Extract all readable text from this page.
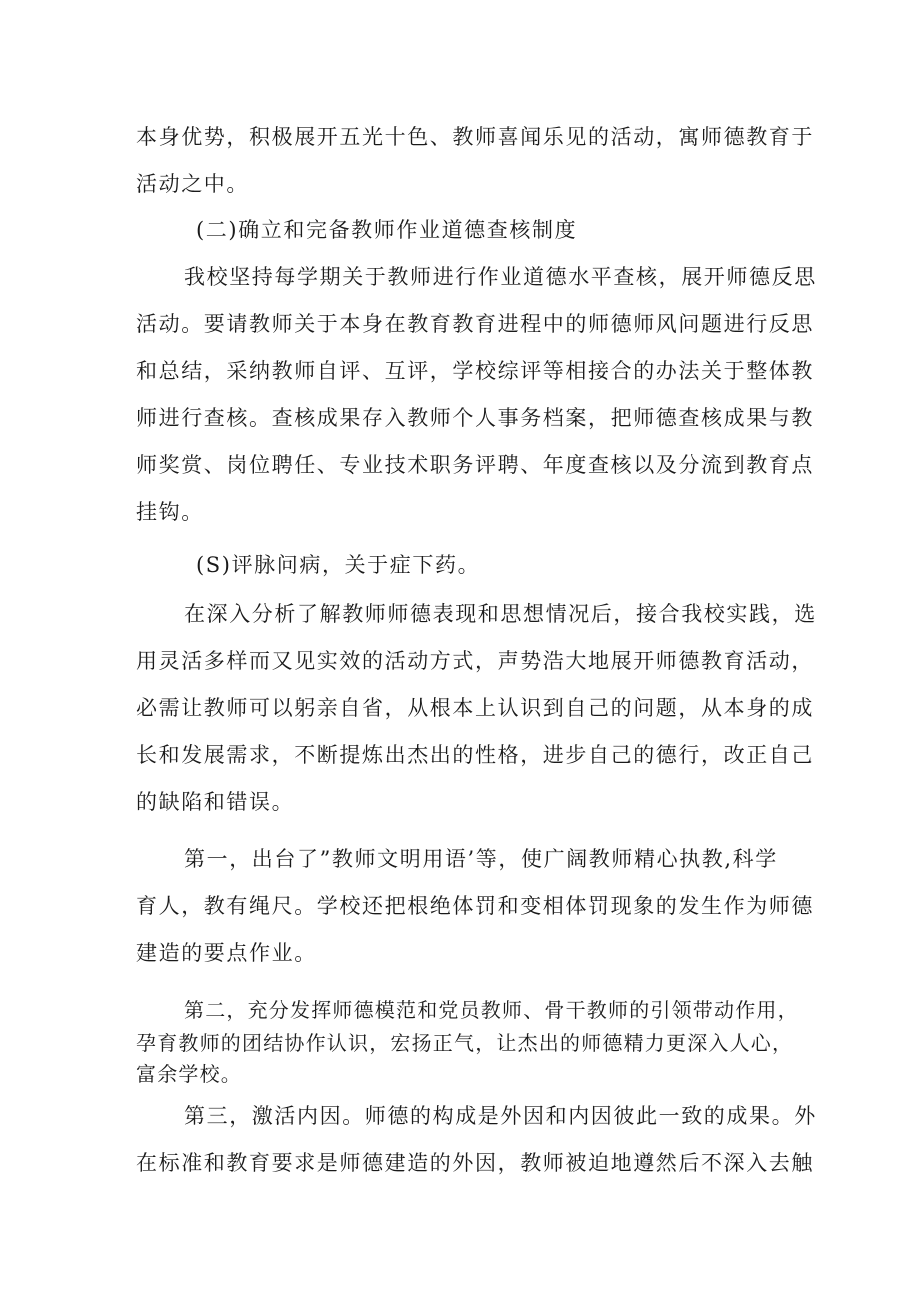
本身优势，积极展开五光十色、教师喜闻乐见的活动，寓师德教育于
活动之中。
(二)确立和完备教师作业道德查核制度
我校坚持每学期关于教师进行作业道德水平查核，展开师德反思
活动。要请教师关于本身在教育教育进程中的师德师风问题进行反思
和总结，采纳教师自评、互评，学校综评等相接合的办法关于整体教
师进行查核。查核成果存入教师个人事务档案，把师德查核成果与教
师奖赏、岗位聘任、专业技术职务评聘、年度查核以及分流到教育点
挂钩。
(S)评脉问病，关于症下药。
在深入分析了解教师师德表现和思想情况后，接合我校实践，选
用灵活多样而又见实效的活动方式，声势浩大地展开师德教育活动，
必需让教师可以躬亲自省，从根本上认识到自己的问题，从本身的成
长和发展需求，不断提炼出杰出的性格，进步自己的德行，改正自己
的缺陷和错误。
第一，出台了”教师文明用语’等，使广阔教师精心执教,科学
育人，教有绳尺。学校还把根绝体罚和变相体罚现象的发生作为师德
建造的要点作业。
第二，充分发挥师德模范和党员教师、骨干教师的引领带动作用，
孕育教师的团结协作认识，宏扬正气，让杰出的师德精力更深入人心，
富余学校。
第三，激活内因。师德的构成是外因和内因彼此一致的成果。外
在标准和教育要求是师德建造的外因，教师被迫地遵然后不深入去触
